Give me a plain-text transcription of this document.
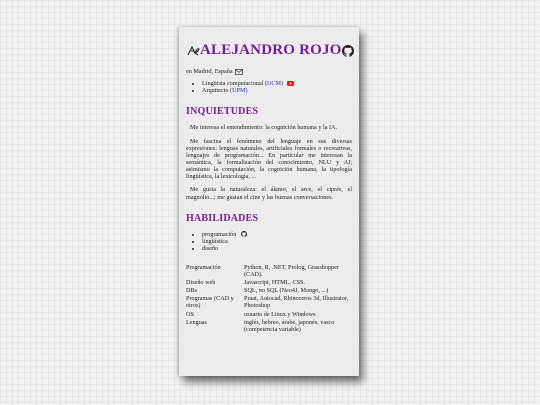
ALEJANDRO ROJO
en Madrid, España
• Lingüista computacional (UCM)
• Arquitecto (UPM)
INQUIETUDES

Me interesa el entendimiento: la cognición humana y la IA.

Me fascina el fenómeno del lenguaje en sus diversas expresiones: lenguas naturales, artificiales formales o recreativas, lenguajes de programación... En particular me interesan la semántica, la formalización del conocimiento, NLU y AI; asimismo la computación, la cognición humana, la tipología lingüística, la lexicología, ...

Me gusta la naturaleza: el álamo, el arce, el ciprés, el magnolio...; me gustan el cine y las buenas conversaciones.

HABILIDADES
• programación
• lingüística
• diseño
Programación	Python, R, .NET, Prolog, Grasshopper (CAD).
Diseño web	Javascript, HTML, CSS.
DBs	SQL, no SQL (Neo4J, Mongo, ...)
Programas (CAD y otros)	Praat, Autocad, Rhinoceros 3d, Illustrator, Photoshop
OS	usuario de Linux y Windows
Lenguas	inglés, hebreo, árabe, japonés, vasco (competencia variable)
